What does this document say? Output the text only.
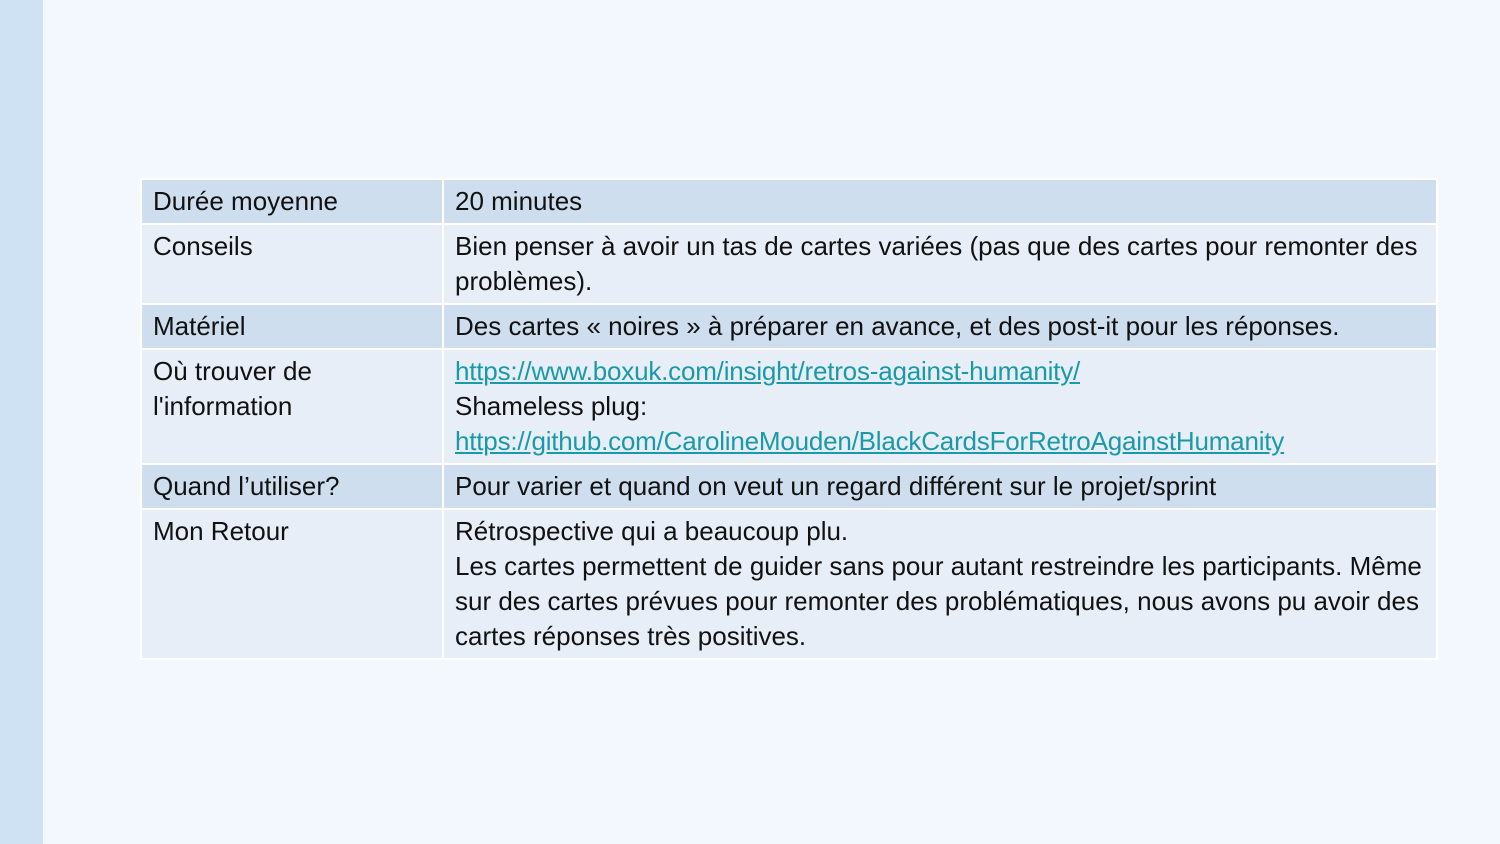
Durée moyenne	20 minutes
Conseils	Bien penser à avoir un tas de cartes variées (pas que des cartes pour remonter des problèmes).
Matériel	Des cartes « noires » à préparer en avance, et des post-it pour les réponses.
Où trouver de l'information	https://www.boxuk.com/insight/retros-against-humanity/
Shameless plug:
https://github.com/CarolineMouden/BlackCardsForRetroAgainstHumanity

Quand l’utiliser?	Pour varier et quand on veut un regard différent sur le projet/sprint
Mon Retour	Rétrospective qui a beaucoup plu.
Les cartes permettent de guider sans pour autant restreindre les participants. Même sur des cartes prévues pour remonter des problématiques, nous avons pu avoir des cartes réponses très positives.
